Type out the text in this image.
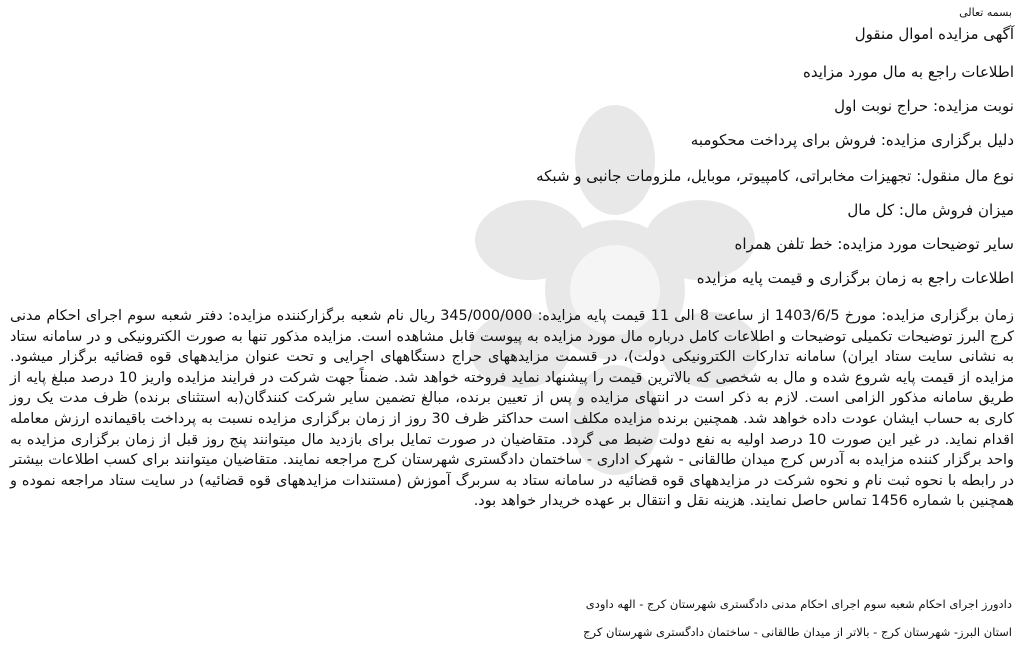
بسمه تعالی
آگهی مزایده اموال منقول
اطلاعات راجع به مال مورد مزایده
نوبت مزایده: حراج نوبت اول
دلیل برگزاری مزایده: فروش برای پرداخت محکومبه
نوع مال منقول: تجهیزات مخابراتی، کامپیوتر، موبایل، ملزومات جانبی و شبکه
میزان فروش مال: کل مال
سایر توضیحات مورد مزایده: خط تلفن همراه
اطلاعات راجع به زمان برگزاری و قیمت پایه مزایده
زمان برگزاری مزایده: مورخ 1403/6/5 از ساعت 8 الی 11 قیمت پایه مزایده: 345/000/000 ریال نام شعبه برگزارکننده مزایده: دفتر شعبه سوم اجرای احکام مدنی کرج البرز توضیحات تکمیلی توضیحات و اطلاعات کامل درباره مال مورد مزایده به پیوست قابل مشاهده است. مزایده مذکور تنها به صورت الکترونیکی و در سامانه ستاد به نشانی سایت ستاد ایران) سامانه تدارکات الکترونیکی دولت)، در قسمت مزایدههای حراج دستگاههای اجرایی و تحت عنوان مزایدههای قوه قضائیه برگزار میشود. مزایده از قیمت پایه شروع شده و مال به شخصی که بالاترین قیمت را پیشنهاد نماید فروخته خواهد شد. ضمناً جهت شرکت در فرایند مزایده واریز 10 درصد مبلغ پایه از طریق سامانه مذکور الزامی است. لازم به ذکر است در انتهای مزایده و پس از تعیین برنده، مبالغ تضمین سایر شرکت کنندگان(به استثنای برنده) ظرف مدت یک روز کاری به حساب ایشان عودت داده خواهد شد. همچنین برنده مزایده مکلف است حداکثر ظرف 30 روز از زمان برگزاری مزایده نسبت به پرداخت باقیمانده ارزش معامله اقدام نماید. در غیر این صورت 10 درصد اولیه به نفع دولت ضبط می گردد. متقاضیان در صورت تمایل برای بازدید مال میتوانند پنج روز قبل از زمان برگزاری مزایده به واحد برگزار کننده مزایده به آدرس کرج میدان طالقانی - شهرک اداری - ساختمان دادگستری شهرستان کرج مراجعه نمایند. متقاضیان میتوانند برای کسب اطلاعات بیشتر در رابطه با نحوه ثبت نام و نحوه شرکت در مزایدههای قوه قضائیه در سامانه ستاد به سربرگ آموزش (مستندات مزایدههای قوه قضائیه) در سایت ستاد مراجعه نموده و همچنین با شماره 1456 تماس حاصل نمایند. هزینه نقل و انتقال بر عهده خریدار خواهد بود.
دادورز اجرای احکام شعبه سوم اجرای احکام مدنی دادگستری شهرستان کرج - الهه داودی
استان البرز- شهرستان کرج - بالاتر از میدان طالقانی - ساختمان دادگستری شهرستان کرج
